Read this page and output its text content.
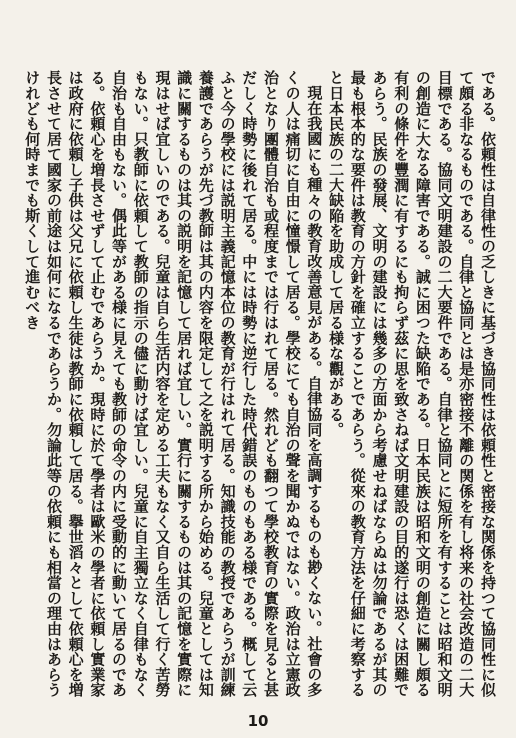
である。依頼性は自律性の乏しきに基づき協同性は依頼性と密接な関係を持つて協同性に似て頗る非なるものである。自律と協同とは是亦密接不離の関係を有し将来の社会改造の二大目標である。協同文明建設の二大要件である。自律と協同とに短所を有することは昭和文明の創造に大なる障害である。誠に困つた缺陥である。日本民族は昭和文明の創造に關し頗る有利の條件を豐潤に有するにも拘らず茲に思を致さねば文明建設の目的遂行は恐くは困難であらう。民族の發展、文明の建設には幾多の方面から考慮せねばならぬは勿論であるが其の最も根本的な要件は教育の方針を確立することであらう。從來の教育方法を仔細に考察すると日本民族の二大缺陥を助成して居る様な觀がある。

現在我國にも種々の教育改善意見がある。自律協同を高調するものも尠くない。社會の多くの人は痛切に自由に憧憬して居る。學校にても自治の聲を聞かぬではない。政治は立憲政治となり團體自治も或程度までは行はれて居る。然れども翻つて學校教育の實際を見ると甚だしく時勢に後れて居る。中には時勢に逆行した時代錯誤のものもある様である。概して云ふと今の學校には説明主義記憶本位の教育が行はれて居る。知識技能の教授であらうが訓練養護であらうが先づ教師は其の内容を限定して之を説明する所から始める。兒童としては知識に關するものは其の説明を記憶して居れば宜しい。實行に關するものは其の記憶を實際に現はせば宜しいのである。兒童は自ら生活内容を定める工夫もなく又自ら生活して行く苦勞もない。只教師に依頼して教師の指示の儘に動けば宜しい。兒童に自主獨立なく自律もなく自治も自由もない。偶此等がある様に見えても教師の命令の内に受動的に動いて居るのである。依頼心を増長させずして止むであらうか。現時に於て學者は歐米の學者に依頼し實業家は政府に依頼し子供は父兄に依頼し生徒は教師に依頼して居る。擧世滔々として依頼心を増長させて居て國家の前途は如何になるであらうか。勿論此等の依頼にも相當の理由はあらうけれども何時までも斯くして進むべき

10
